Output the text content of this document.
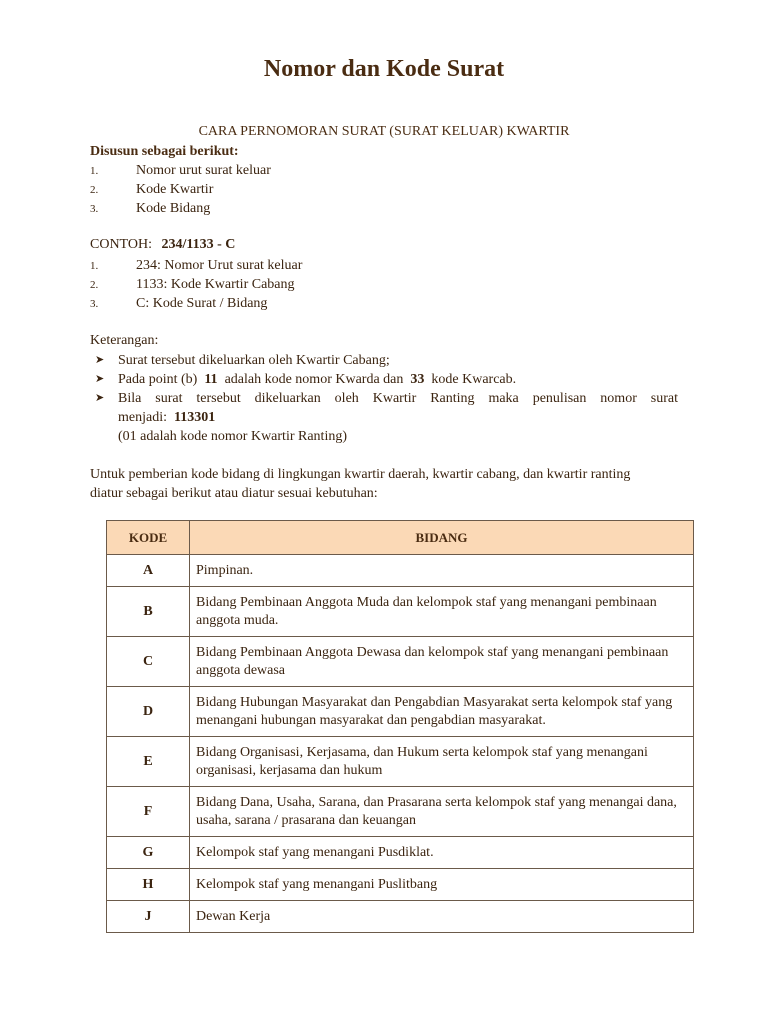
Nomor dan Kode Surat
CARA PERNOMORAN SURAT (SURAT KELUAR) KWARTIR
Disusun sebagai berikut:
1.	Nomor urut surat keluar
2.	Kode Kwartir
3.	Kode Bidang
CONTOH: 234/1133 - C
1.	234: Nomor Urut surat keluar
2.	1133: Kode Kwartir Cabang
3.	C: Kode Surat / Bidang
Keterangan:
➤ Surat tersebut dikeluarkan oleh Kwartir Cabang;
➤ Pada point (b) 11 adalah kode nomor Kwarda dan 33 kode Kwarcab.
➤ Bila surat tersebut dikeluarkan oleh Kwartir Ranting maka penulisan nomor surat
menjadi: 113301
(01 adalah kode nomor Kwartir Ranting)
Untuk pemberian kode bidang di lingkungan kwartir daerah, kwartir cabang, dan kwartir ranting diatur sebagai berikut atau diatur sesuai kebutuhan:
KODE	BIDANG
A	Pimpinan.
B	Bidang Pembinaan Anggota Muda dan kelompok staf yang menangani pembinaan anggota muda.
C	Bidang Pembinaan Anggota Dewasa dan kelompok staf yang menangani pembinaan anggota dewasa
D	Bidang Hubungan Masyarakat dan Pengabdian Masyarakat serta kelompok staf yang menangani hubungan masyarakat dan pengabdian masyarakat.
E	Bidang Organisasi, Kerjasama, dan Hukum serta kelompok staf yang menangani organisasi, kerjasama dan hukum
F	Bidang Dana, Usaha, Sarana, dan Prasarana serta kelompok staf yang menangai dana, usaha, sarana / prasarana dan keuangan
G	Kelompok staf yang menangani Pusdiklat.
H	Kelompok staf yang menangani Puslitbang
J	Dewan Kerja
